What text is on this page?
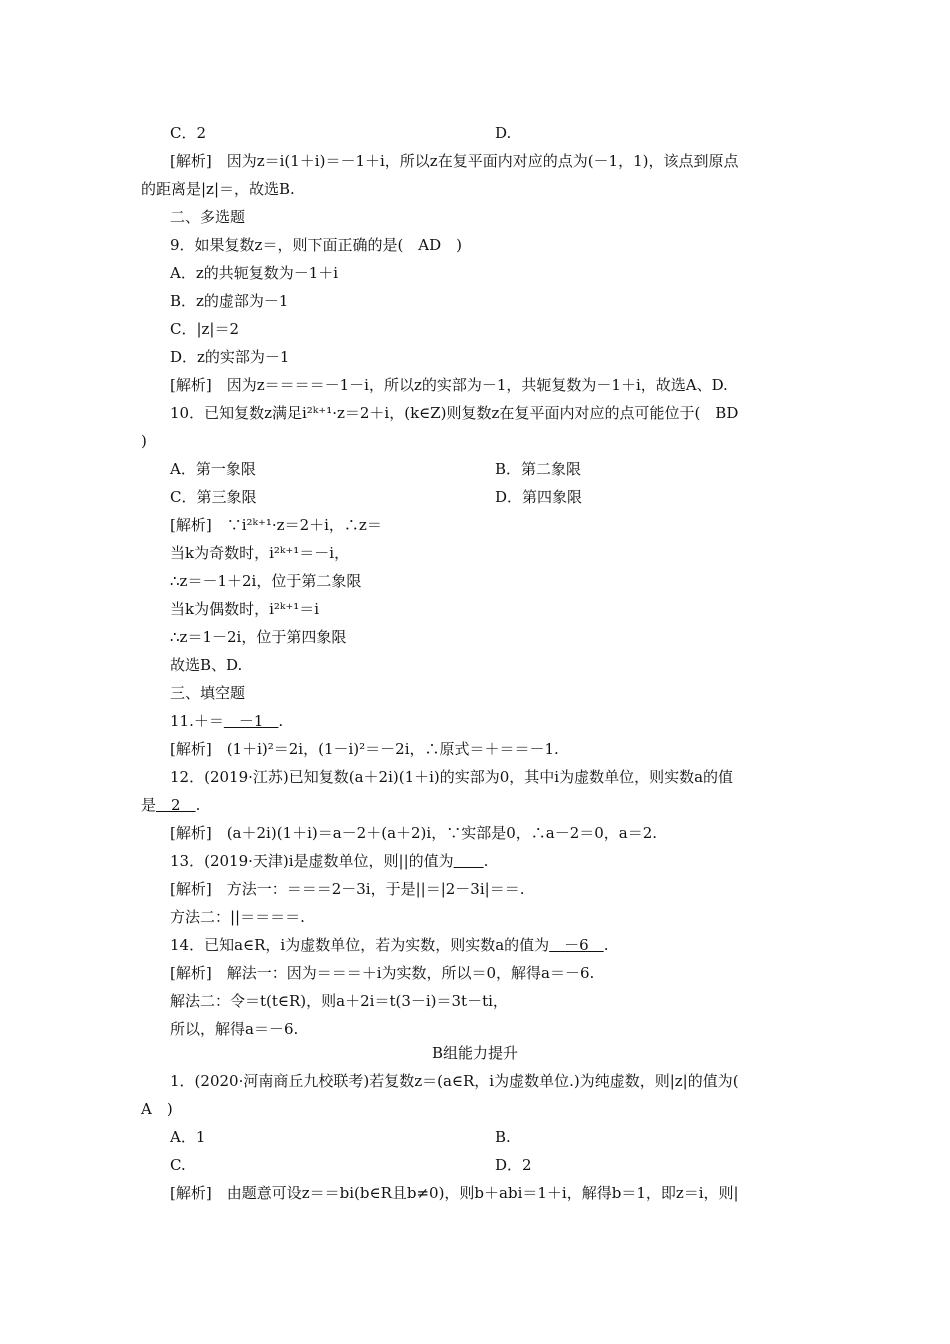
C．2	D.
[解析]　因为z＝i(1＋i)＝－1＋i，所以z在复平面内对应的点为(－1，1)，该点到原点
的距离是|z|＝，故选B.
二、多选题
9．如果复数z＝，则下面正确的是(　AD　)
A．z的共轭复数为－1＋i
B．z的虚部为－1
C．|z|＝2
D．z的实部为－1
[解析]　因为z＝＝＝＝－1－i，所以z的实部为－1，共轭复数为－1＋i，故选A、D.
10．已知复数z满足i²ᵏ⁺¹·z＝2＋i，(k∈Z)则复数z在复平面内对应的点可能位于(　BD
)
A．第一象限	B．第二象限
C．第三象限	D．第四象限
[解析]　∵i²ᵏ⁺¹·z＝2＋i，∴z＝
当k为奇数时，i²ᵏ⁺¹＝－i，
∴z＝－1＋2i，位于第二象限
当k为偶数时，i²ᵏ⁺¹＝i
∴z＝1－2i，位于第四象限
故选B、D.
三、填空题
11.＋＝　－1　.
[解析]　(1＋i)²＝2i，(1－i)²＝－2i，∴原式＝＋＝＝－1.
12．(2019·江苏)已知复数(a＋2i)(1＋i)的实部为0，其中i为虚数单位，则实数a的值
是　2　.
[解析]　(a＋2i)(1＋i)＝a－2＋(a＋2)i，∵实部是0，∴a－2＝0，a＝2.
13．(2019·天津)i是虚数单位，则||的值为　　 .
[解析]　方法一：＝＝＝2－3i，于是||＝|2－3i|＝＝.
方法二：||＝＝＝＝.
14．已知a∈R，i为虚数单位，若为实数，则实数a的值为　－6　.
[解析]　解法一：因为＝＝＝＋i为实数，所以＝0，解得a＝－6.
解法二：令＝t(t∈R)，则a＋2i＝t(3－i)＝3t－ti，
所以，解得a＝－6.
B组能力提升
1．(2020·河南商丘九校联考)若复数z＝(a∈R，i为虚数单位.)为纯虚数，则|z|的值为(
A　)
A．1	B.
C.	D．2
[解析]　由题意可设z＝＝bi(b∈R且b≠0)，则b＋abi＝1＋i，解得b＝1，即z＝i，则|
